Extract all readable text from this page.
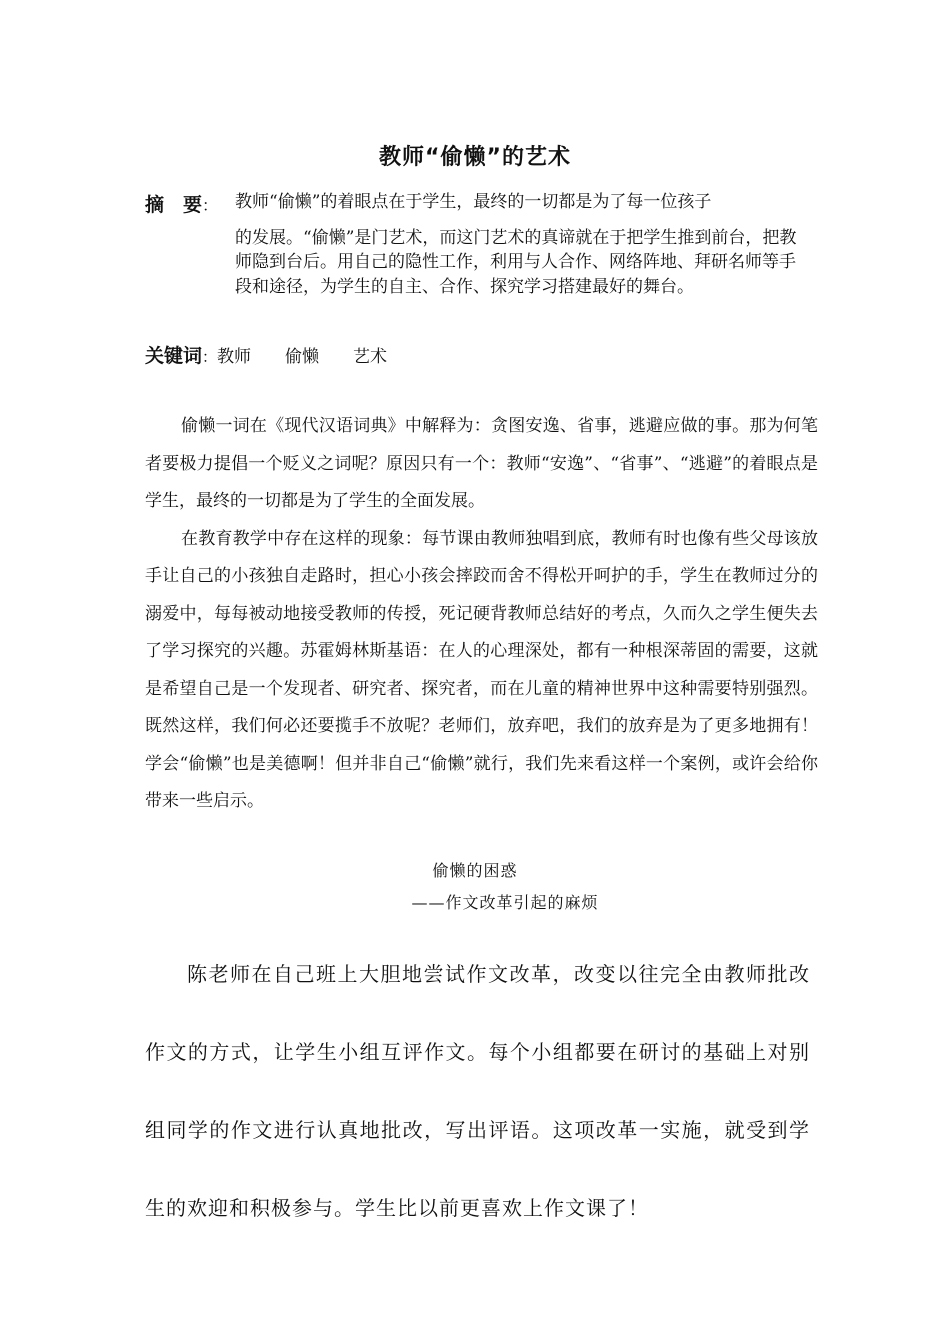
教师“偷懒”的艺术
摘　要： 教师“偷懒”的着眼点在于学生，最终的一切都是为了每一位孩子
的发展。“偷懒”是门艺术，而这门艺术的真谛就在于把学生推到前台，把教师隐到台后。用自己的隐性工作，利用与人合作、网络阵地、拜研名师等手段和途径，为学生的自主、合作、探究学习搭建最好的舞台。
关键词：教师 偷懒 艺术

偷懒一词在《现代汉语词典》中解释为：贪图安逸、省事，逃避应做的事。那为何笔者要极力提倡一个贬义之词呢？原因只有一个：教师“安逸”、“省事”、“逃避”的着眼点是学生，最终的一切都是为了学生的全面发展。

在教育教学中存在这样的现象：每节课由教师独唱到底，教师有时也像有些父母该放手让自己的小孩独自走路时，担心小孩会摔跤而舍不得松开呵护的手，学生在教师过分的溺爱中，每每被动地接受教师的传授，死记硬背教师总结好的考点，久而久之学生便失去了学习探究的兴趣。苏霍姆林斯基语：在人的心理深处，都有一种根深蒂固的需要，这就是希望自己是一个发现者、研究者、探究者，而在儿童的精神世界中这种需要特别强烈。既然这样，我们何必还要揽手不放呢？老师们，放弃吧，我们的放弃是为了更多地拥有！学会“偷懒”也是美德啊！但并非自己“偷懒”就行，我们先来看这样一个案例，或许会给你带来一些启示。

偷懒的困惑
——作文改革引起的麻烦

陈老师在自己班上大胆地尝试作文改革，改变以往完全由教师批改作文的方式，让学生小组互评作文。每个小组都要在研讨的基础上对别组同学的作文进行认真地批改，写出评语。这项改革一实施，就受到学生的欢迎和积极参与。学生比以前更喜欢上作文课了！
